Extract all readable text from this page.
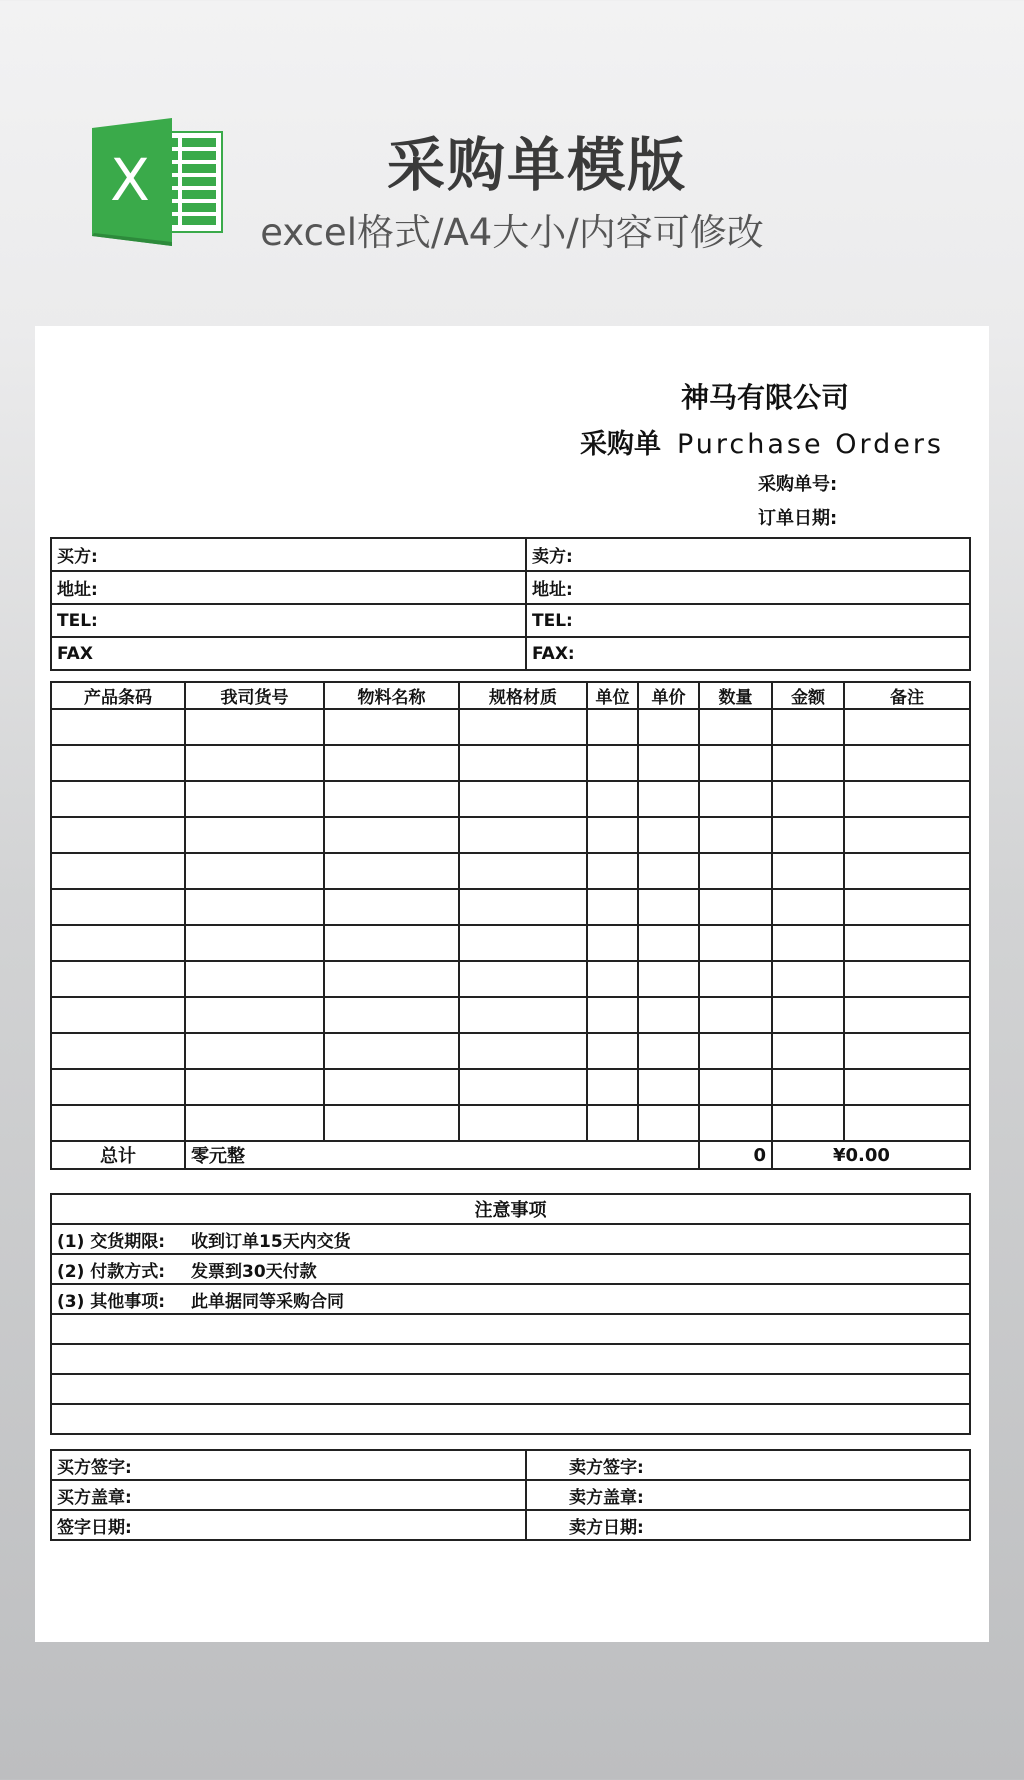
X	采购单模版
excel格式/A4大小/内容可修改
神马有限公司
采购单 Purchase Orders
采购单号:
订单日期:
买方:	卖方:
地址:	地址:
TEL:	TEL:
FAX	FAX:
产品条码	我司货号	物料名称	规格材质	单位	单价	数量	金额	备注

总计	零元整					0	¥0.00	
注意事项	
(1) 交货期限:	收到订单15天内交货
(2) 付款方式:	发票到30天付款
(3) 其他事项:	此单据同等采购合同

买方签字:	卖方签字:
买方盖章:	卖方盖章:
签字日期:	卖方日期:
